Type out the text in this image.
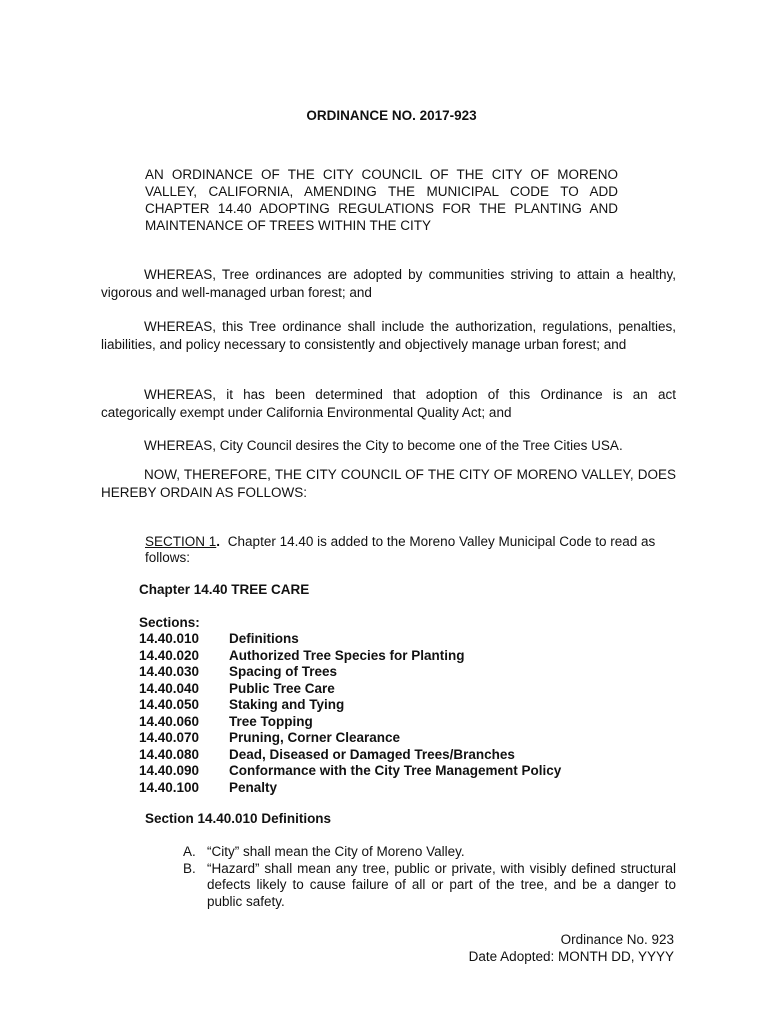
ORDINANCE NO. 2017-923
AN ORDINANCE OF THE CITY COUNCIL OF THE CITY OF MORENO VALLEY, CALIFORNIA, AMENDING THE MUNICIPAL CODE TO ADD CHAPTER 14.40 ADOPTING REGULATIONS FOR THE PLANTING AND MAINTENANCE OF TREES WITHIN THE CITY
WHEREAS, Tree ordinances are adopted by communities striving to attain a healthy, vigorous and well-managed urban forest; and
WHEREAS, this Tree ordinance shall include the authorization, regulations, penalties, liabilities, and policy necessary to consistently and objectively manage urban forest; and
WHEREAS, it has been determined that adoption of this Ordinance is an act categorically exempt under California Environmental Quality Act; and
WHEREAS, City Council desires the City to become one of the Tree Cities USA.
NOW, THEREFORE, THE CITY COUNCIL OF THE CITY OF MORENO VALLEY, DOES HEREBY ORDAIN AS FOLLOWS:
SECTION 1. Chapter 14.40 is added to the Moreno Valley Municipal Code to read as follows:
Chapter 14.40 TREE CARE
Sections:
14.40.010	Definitions
14.40.020	Authorized Tree Species for Planting
14.40.030	Spacing of Trees
14.40.040	Public Tree Care
14.40.050	Staking and Tying
14.40.060	Tree Topping
14.40.070	Pruning, Corner Clearance
14.40.080	Dead, Diseased or Damaged Trees/Branches
14.40.090	Conformance with the City Tree Management Policy
14.40.100	Penalty
Section 14.40.010 Definitions
A. “City” shall mean the City of Moreno Valley.
B. “Hazard” shall mean any tree, public or private, with visibly defined structural defects likely to cause failure of all or part of the tree, and be a danger to public safety.
Ordinance No. 923
Date Adopted: MONTH DD, YYYY
